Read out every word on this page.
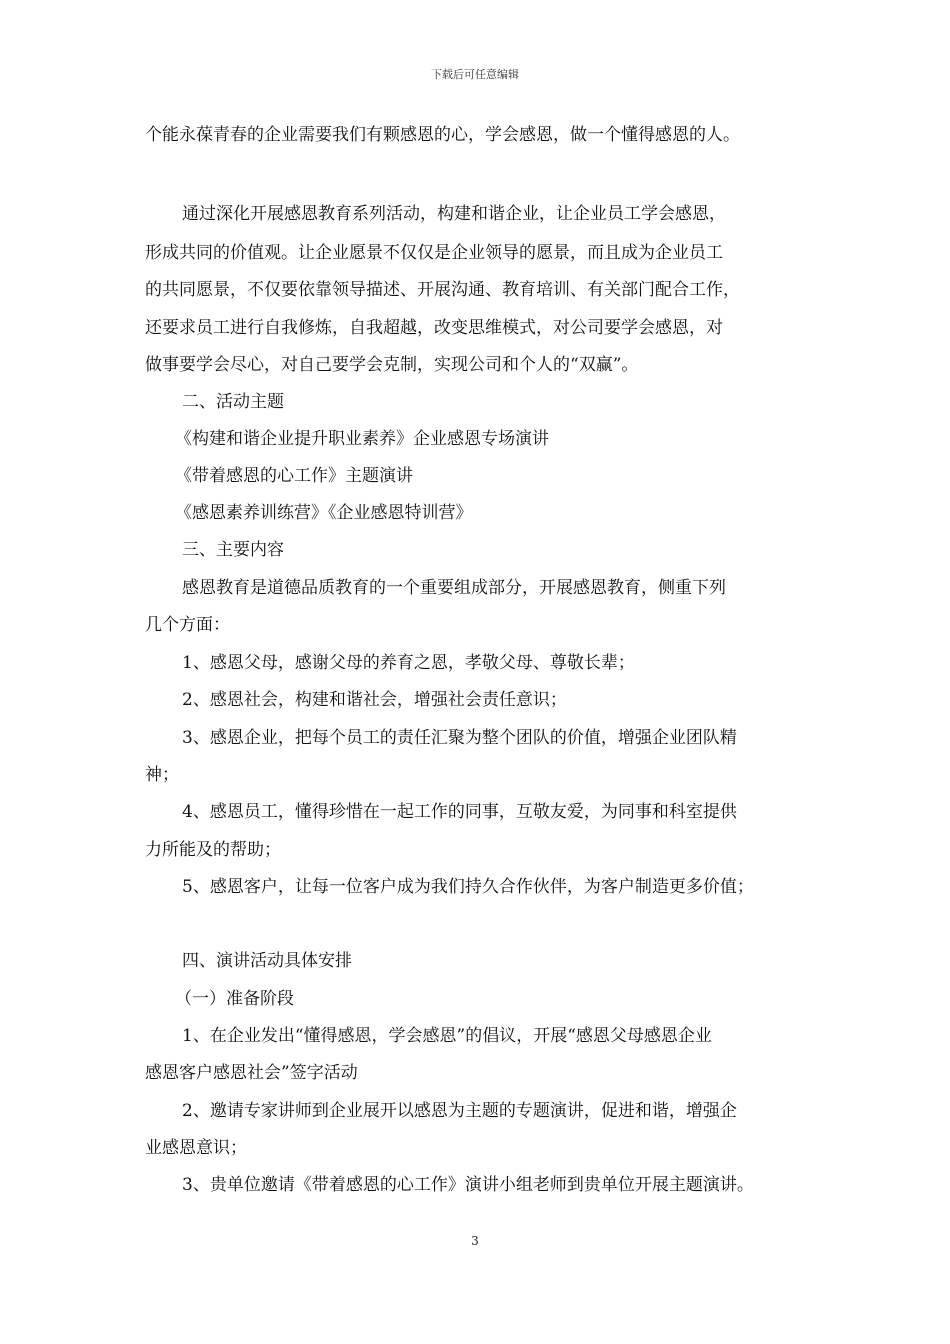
下载后可任意编辑
个能永葆青春的企业需要我们有颗感恩的心，学会感恩，做一个懂得感恩的人。
通过深化开展感恩教育系列活动，构建和谐企业，让企业员工学会感恩，
形成共同的价值观。让企业愿景不仅仅是企业领导的愿景，而且成为企业员工
的共同愿景，不仅要依靠领导描述、开展沟通、教育培训、有关部门配合工作，
还要求员工进行自我修炼，自我超越，改变思维模式，对公司要学会感恩，对
做事要学会尽心，对自己要学会克制，实现公司和个人的“双赢”。
二、活动主题
《构建和谐企业提升职业素养》企业感恩专场演讲
《带着感恩的心工作》主题演讲
《感恩素养训练营》《企业感恩特训营》
三、主要内容
感恩教育是道德品质教育的一个重要组成部分，开展感恩教育，侧重下列
几个方面：
1、感恩父母，感谢父母的养育之恩，孝敬父母、尊敬长辈；
2、感恩社会，构建和谐社会，增强社会责任意识；
3、感恩企业，把每个员工的责任汇聚为整个团队的价值，增强企业团队精
神；
4、感恩员工，懂得珍惜在一起工作的同事，互敬友爱，为同事和科室提供
力所能及的帮助；
5、感恩客户，让每一位客户成为我们持久合作伙伴，为客户制造更多价值；
四、演讲活动具体安排
（一）准备阶段
1、在企业发出“懂得感恩，学会感恩”的倡议，开展“感恩父母感恩企业
感恩客户感恩社会”签字活动
2、邀请专家讲师到企业展开以感恩为主题的专题演讲，促进和谐，增强企
业感恩意识；
3、贵单位邀请《带着感恩的心工作》演讲小组老师到贵单位开展主题演讲。
3
